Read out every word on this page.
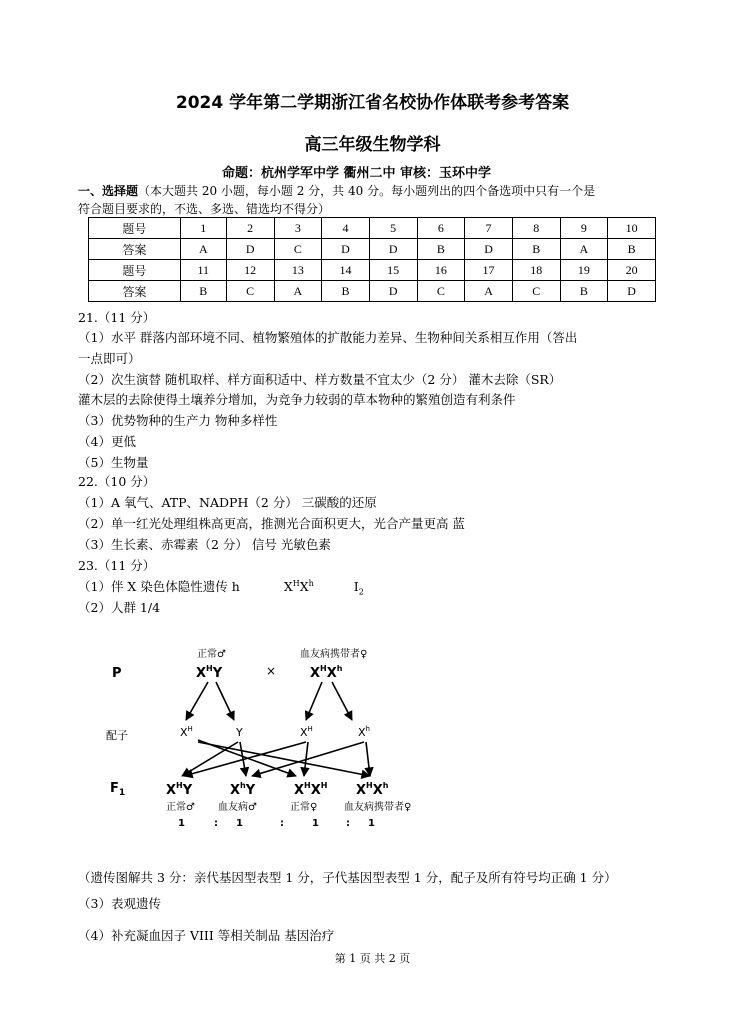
2024 学年第二学期浙江省名校协作体联考参考答案
高三年级生物学科
命题：杭州学军中学 衢州二中 审核：玉环中学
一、选择题（本大题共 20 小题，每小题 2 分，共 40 分。每小题列出的四个备选项中只有一个是
符合题目要求的，不选、多选、错选均不得分）
题号	1	2	3	4	5	6	7	8	9	10
答案	A	D	C	D	D	B	D	B	A	B
题号	11	12	13	14	15	16	17	18	19	20
答案	B	C	A	B	D	C	A	C	B	D
21.（11 分）
（1）水平 群落内部环境不同、植物繁殖体的扩散能力差异、生物种间关系相互作用（答出
一点即可）
（2）次生演替 随机取样、样方面积适中、样方数量不宜太少（2 分） 灌木去除（SR）
灌木层的去除使得土壤养分增加，为竞争力较弱的草本物种的繁殖创造有利条件
（3）优势物种的生产力 物种多样性
（4）更低
（5）生物量
22.（10 分）
（1）A 氧气、ATP、NADPH（2 分） 三碳酸的还原
（2）单一红光处理组株高更高，推测光合面积更大，光合产量更高 蓝
（3）生长素、赤霉素（2 分） 信号 光敏色素
23.（11 分）
（1）伴 X 染色体隐性遗传 h	$X^HX^h$	$I_2$
（2）人群 1/4
P
配子
$F_1$
正常♂
$X^HY$	×
血友病携带者♀
$X^HX^h$
$X^H$	Y	$X^H$	$X^h$
$X^HY$	$X^hY$	$X^HX^H$ $X^HX^h$
正常♂ 血友病♂	正常♀	血友病携带者♀
1	: 1	:	1	: 1
（遗传图解共 3 分：亲代基因型表型 1 分，子代基因型表型 1 分，配子及所有符号均正确 1 分）
（3）表观遗传
（4）补充凝血因子 VIII 等相关制品 基因治疗
第 1 页 共 2 页
